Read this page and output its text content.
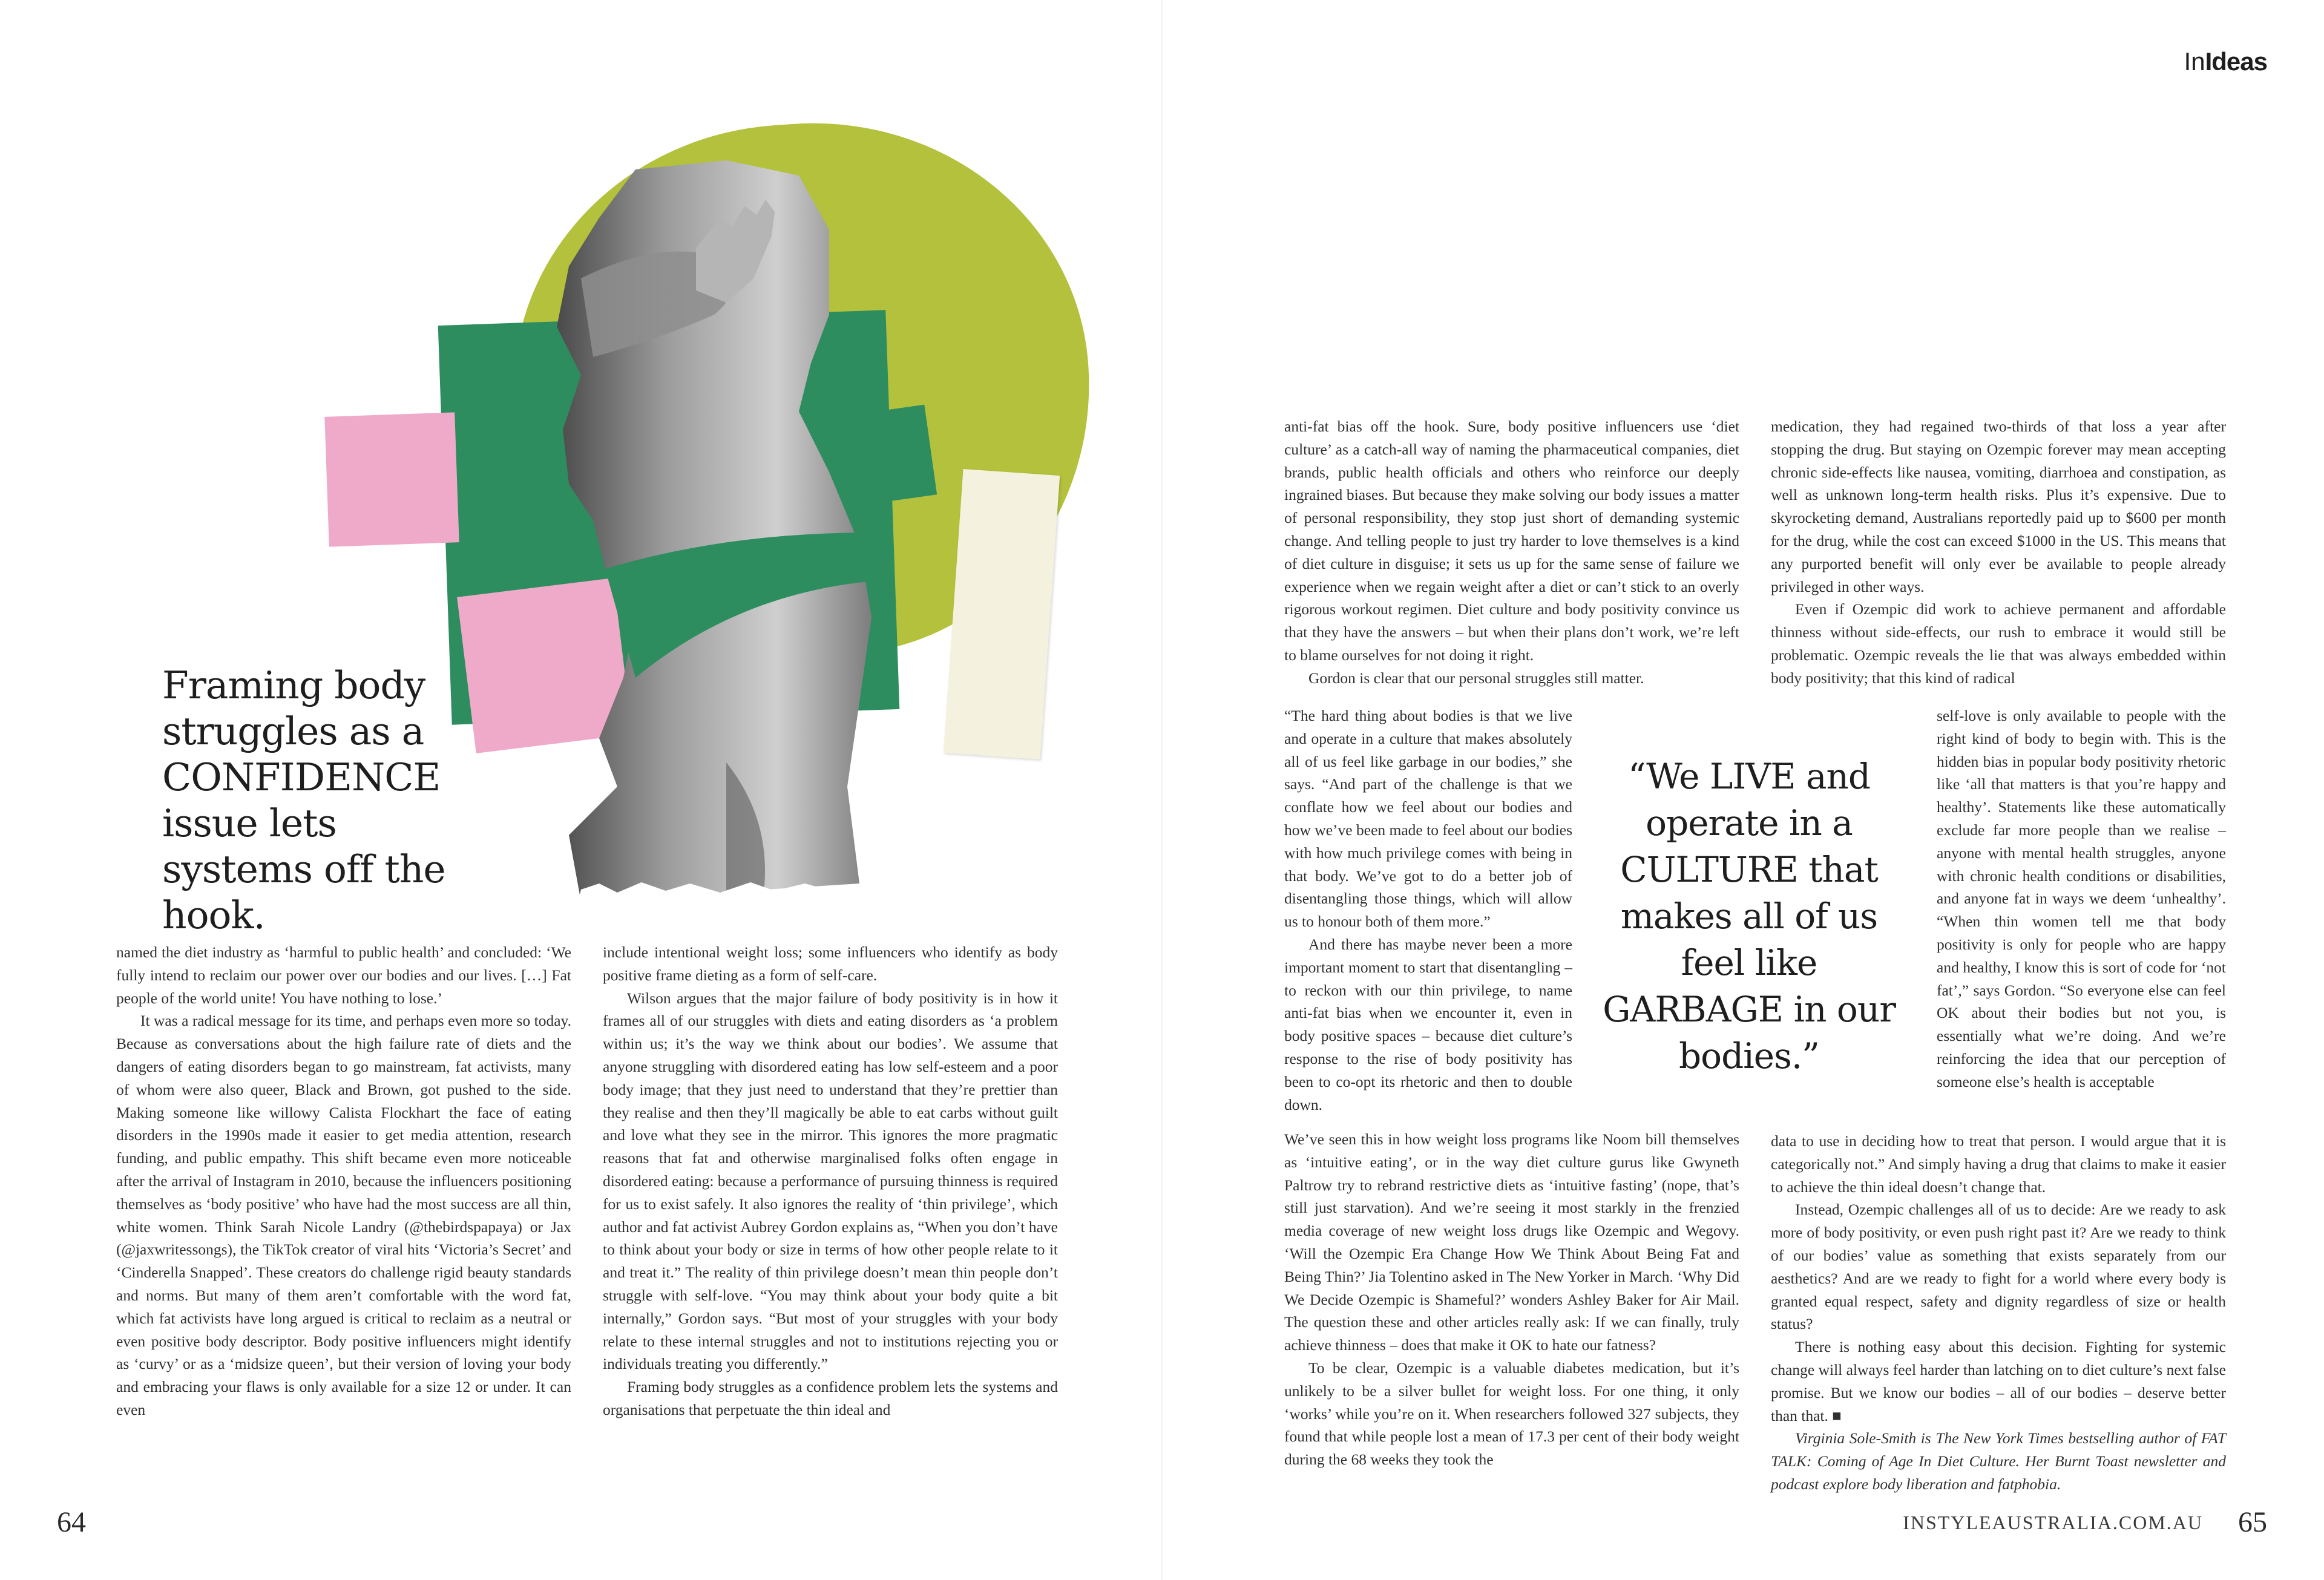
InIdeas
Framing body struggles as a CONFIDENCE issue lets systems off the hook.

named the diet industry as ‘harmful to public health’ and concluded: ‘We fully intend to reclaim our power over our bodies and our lives. […] Fat people of the world unite! You have nothing to lose.’

It was a radical message for its time, and perhaps even more so today. Because as conversations about the high failure rate of diets and the dangers of eating disorders began to go mainstream, fat activists, many of whom were also queer, Black and Brown, got pushed to the side. Making someone like willowy Calista Flockhart the face of eating disorders in the 1990s made it easier to get media attention, research funding, and public empathy. This shift became even more noticeable after the arrival of Instagram in 2010, because the influencers positioning themselves as ‘body positive’ who have had the most success are all thin, white women. Think Sarah Nicole Landry (@thebirdspapaya) or Jax (@jaxwritessongs), the TikTok creator of viral hits ‘Victoria’s Secret’ and ‘Cinderella Snapped’. These creators do challenge rigid beauty standards and norms. But many of them aren’t comfortable with the word fat, which fat activists have long argued is critical to reclaim as a neutral or even positive body descriptor. Body positive influencers might identify as ‘curvy’ or as a ‘midsize queen’, but their version of loving your body and embracing your flaws is only available for a size 12 or under. It can even

include intentional weight loss; some influencers who identify as body positive frame dieting as a form of self-care.

Wilson argues that the major failure of body positivity is in how it frames all of our struggles with diets and eating disorders as ‘a problem within us; it’s the way we think about our bodies’. We assume that anyone struggling with disordered eating has low self-esteem and a poor body image; that they just need to understand that they’re prettier than they realise and then they’ll magically be able to eat carbs without guilt and love what they see in the mirror. This ignores the more pragmatic reasons that fat and otherwise marginalised folks often engage in disordered eating: because a performance of pursuing thinness is required for us to exist safely. It also ignores the reality of ‘thin privilege’, which author and fat activist Aubrey Gordon explains as, “When you don’t have to think about your body or size in terms of how other people relate to it and treat it.” The reality of thin privilege doesn’t mean thin people don’t struggle with self-love. “You may think about your body quite a bit internally,” Gordon says. “But most of your struggles with your body relate to these internal struggles and not to institutions rejecting you or individuals treating you differently.”

Framing body struggles as a confidence problem lets the systems and organisations that perpetuate the thin ideal and

anti-fat bias off the hook. Sure, body positive influencers use ‘diet culture’ as a catch-all way of naming the pharmaceutical companies, diet brands, public health officials and others who reinforce our deeply ingrained biases. But because they make solving our body issues a matter of personal responsibility, they stop just short of demanding systemic change. And telling people to just try harder to love themselves is a kind of diet culture in disguise; it sets us up for the same sense of failure we experience when we regain weight after a diet or can’t stick to an overly rigorous workout regimen. Diet culture and body positivity convince us that they have the answers – but when their plans don’t work, we’re left to blame ourselves for not doing it right.

Gordon is clear that our personal struggles still matter.

“The hard thing about bodies is that we live and operate in a culture that makes absolutely all of us feel like garbage in our bodies,” she says. “And part of the challenge is that we conflate how we feel about our bodies and how we’ve been made to feel about our bodies with how much privilege comes with being in that body. We’ve got to do a better job of disentangling those things, which will allow us to honour both of them more.”

And there has maybe never been a more important moment to start that disentangling – to reckon with our thin privilege, to name anti-fat bias when we encounter it, even in body positive spaces – because diet culture’s response to the rise of body positivity has been to co-opt its rhetoric and then to double down.

We’ve seen this in how weight loss programs like Noom bill themselves as ‘intuitive eating’, or in the way diet culture gurus like Gwyneth Paltrow try to rebrand restrictive diets as ‘intuitive fasting’ (nope, that’s still just starvation). And we’re seeing it most starkly in the frenzied media coverage of new weight loss drugs like Ozempic and Wegovy. ‘Will the Ozempic Era Change How We Think About Being Fat and Being Thin?’ Jia Tolentino asked in The New Yorker in March. ‘Why Did We Decide Ozempic is Shameful?’ wonders Ashley Baker for Air Mail. The question these and other articles really ask: If we can finally, truly achieve thinness – does that make it OK to hate our fatness?

To be clear, Ozempic is a valuable diabetes medication, but it’s unlikely to be a silver bullet for weight loss. For one thing, it only ‘works’ while you’re on it. When researchers followed 327 subjects, they found that while people lost a mean of 17.3 per cent of their body weight during the 68 weeks they took the

“We LIVE and operate in a CULTURE that makes all of us feel like GARBAGE in our bodies.”

medication, they had regained two-thirds of that loss a year after stopping the drug. But staying on Ozempic forever may mean accepting chronic side-effects like nausea, vomiting, diarrhoea and constipation, as well as unknown long-term health risks. Plus it’s expensive. Due to skyrocketing demand, Australians reportedly paid up to $600 per month for the drug, while the cost can exceed $1000 in the US. This means that any purported benefit will only ever be available to people already privileged in other ways.

Even if Ozempic did work to achieve permanent and affordable thinness without side-effects, our rush to embrace it would still be problematic. Ozempic reveals the lie that was always embedded within body positivity; that this kind of radical

self-love is only available to people with the right kind of body to begin with. This is the hidden bias in popular body positivity rhetoric like ‘all that matters is that you’re happy and healthy’. Statements like these automatically exclude far more people than we realise – anyone with mental health struggles, anyone with chronic health conditions or disabilities, and anyone fat in ways we deem ‘unhealthy’. “When thin women tell me that body positivity is only for people who are happy and healthy, I know this is sort of code for ‘not fat’,” says Gordon. “So everyone else can feel OK about their bodies but not you, is essentially what we’re doing. And we’re reinforcing the idea that our perception of someone else’s health is acceptable

data to use in deciding how to treat that person. I would argue that it is categorically not.” And simply having a drug that claims to make it easier to achieve the thin ideal doesn’t change that.

Instead, Ozempic challenges all of us to decide: Are we ready to ask more of body positivity, or even push right past it? Are we ready to think of our bodies’ value as something that exists separately from our aesthetics? And are we ready to fight for a world where every body is granted equal respect, safety and dignity regardless of size or health status?

There is nothing easy about this decision. Fighting for systemic change will always feel harder than latching on to diet culture’s next false promise. But we know our bodies – all of our bodies – deserve better than that. ■

Virginia Sole-Smith is The New York Times bestselling author of FAT TALK: Coming of Age In Diet Culture. Her Burnt Toast newsletter and podcast explore body liberation and fatphobia.

64	INSTYLEAUSTRALIA.COM.AU 65
